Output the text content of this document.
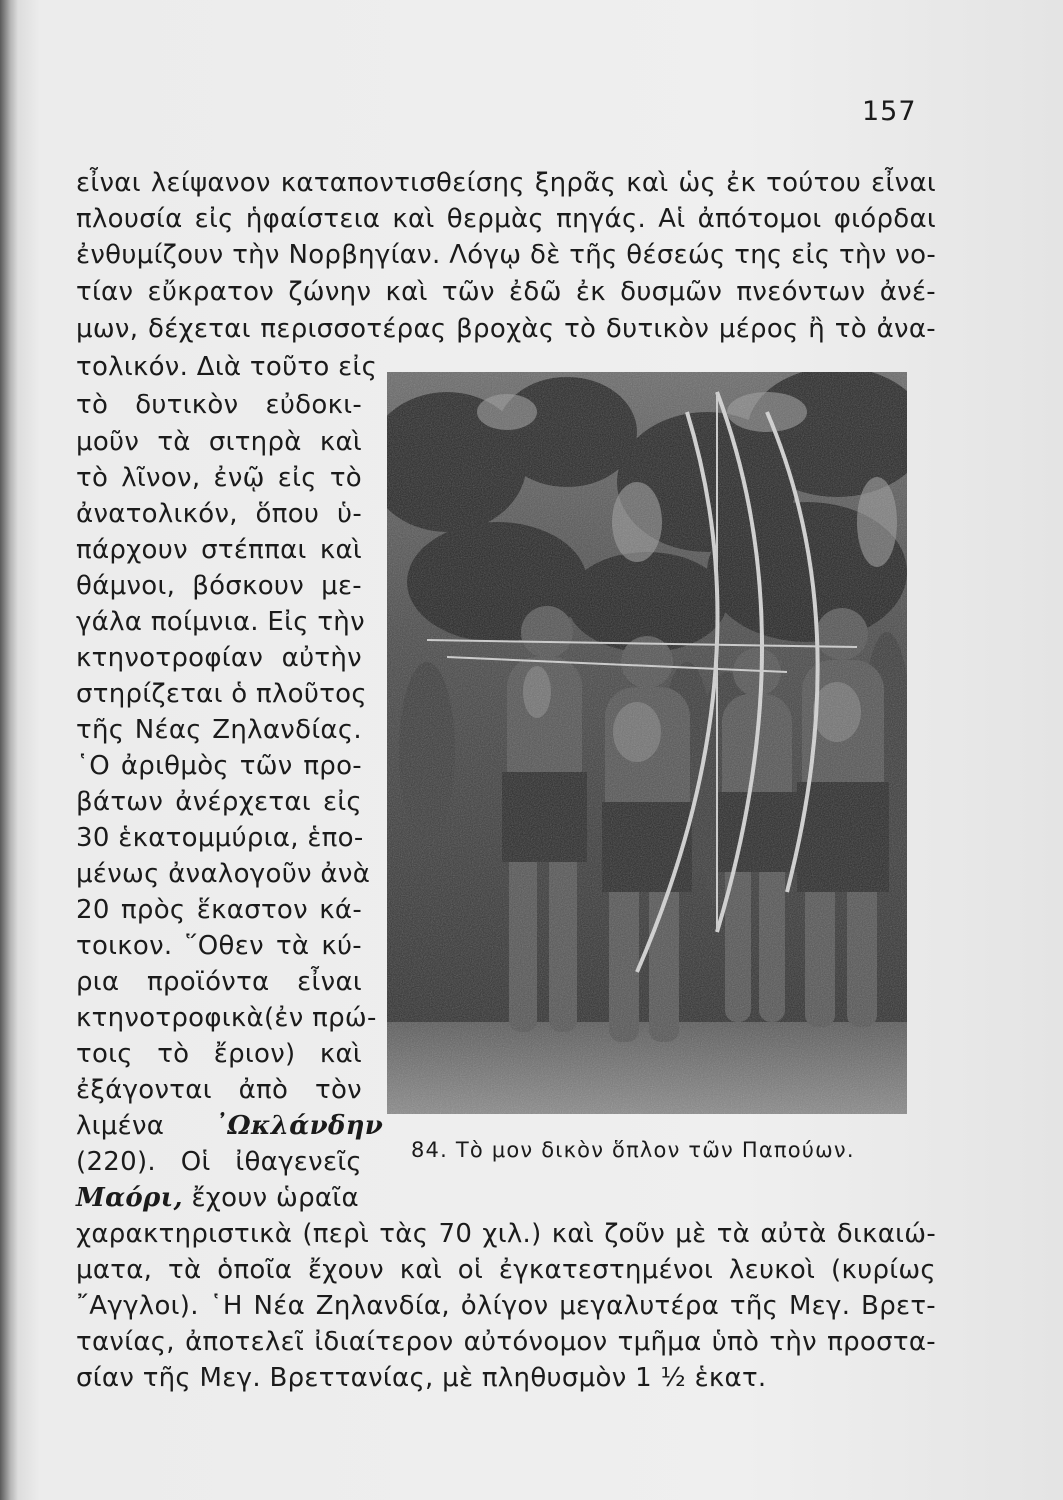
157
εἶναι λείψανον καταποντισθείσης ξηρᾶς καὶ ὡς ἐκ τούτου εἶναι
πλουσία εἰς ἡφαίστεια καὶ θερμὰς πηγάς. Αἱ ἀπότομοι φιόρδαι
ἐνθυμίζουν τὴν Νορβηγίαν. Λόγῳ δὲ τῆς θέσεώς της εἰς τὴν νο-
τίαν εὔκρατον ζώνην καὶ τῶν ἐδῶ ἐκ δυσμῶν πνεόντων ἀνέ-
μων, δέχεται περισσοτέρας βροχὰς τὸ δυτικὸν μέρος ἢ τὸ ἀνα-
τολικόν. Διὰ τοῦτο εἰς
τὸ δυτικὸν εὐδοκι-
μοῦν τὰ σιτηρὰ καὶ
τὸ λῖνον, ἐνῷ εἰς τὸ
ἀνατολικόν, ὅπου ὑ-
πάρχουν στέππαι καὶ
θάμνοι, βόσκουν με-
γάλα ποίμνια. Εἰς τὴν
κτηνοτροφίαν αὐτὴν
στηρίζεται ὁ πλοῦτος
τῆς Νέας Ζηλανδίας.
῾Ο ἀριθμὸς τῶν προ-
βάτων ἀνέρχεται εἰς
30 ἑκατομμύρια, ἑπο-
μένως ἀναλογοῦν ἀνὰ
20 πρὸς ἕκαστον κά-
τοικον. ῞Οθεν τὰ κύ-
ρια προϊόντα εἶναι
κτηνοτροφικὰ(ἐν πρώ-
τοις τὸ ἔριον) καὶ
ἐξάγονται ἀπὸ τὸν
λιμένα ᾿Ωκλάνδην
(220). Οἱ ἰθαγενεῖς
Μαόρι, ἔχουν ὡραῖα
χαρακτηριστικὰ (περὶ τὰς 70 χιλ.) καὶ ζοῦν μὲ τὰ αὐτὰ δικαιώ-
ματα, τὰ ὁποῖα ἔχουν καὶ οἱ ἐγκατεστημένοι λευκοὶ (κυρίως
῎Αγγλοι). ῾Η Νέα Ζηλανδία, ὀλίγον μεγαλυτέρα τῆς Μεγ. Βρετ-
τανίας, ἀποτελεῖ ἰδιαίτερον αὐτόνομον τμῆμα ὑπὸ τὴν προστα-
σίαν τῆς Μεγ. Βρεττανίας, μὲ πληθυσμὸν 1 ½ ἑκατ.
84. Τὸ μον δικὸν ὅπλον τῶν Παπούων.
